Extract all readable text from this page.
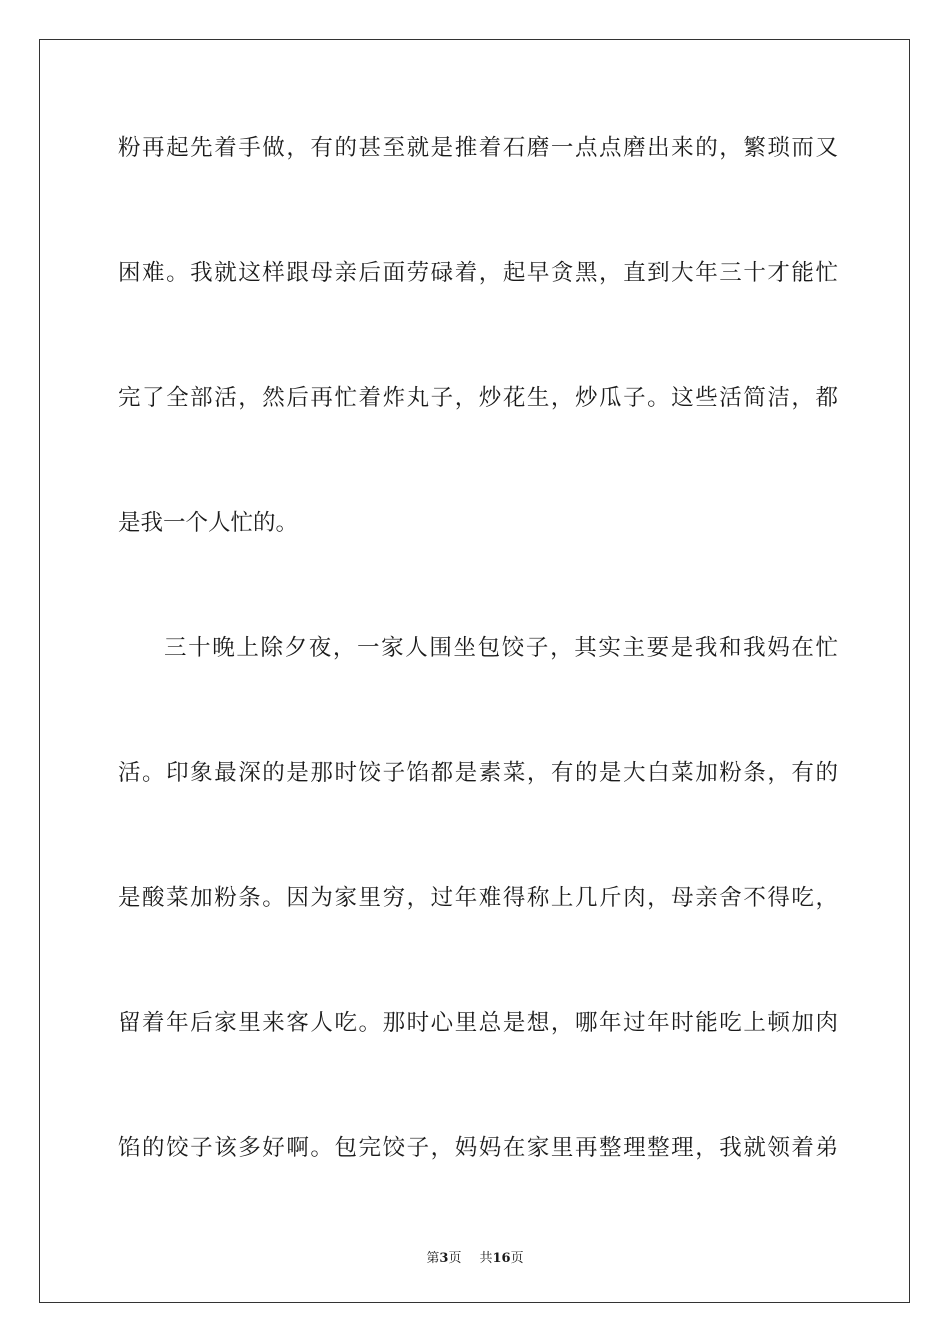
粉再起先着手做，有的甚至就是推着石磨一点点磨出来的，繁琐而又
困难。我就这样跟母亲后面劳碌着，起早贪黑，直到大年三十才能忙
完了全部活，然后再忙着炸丸子，炒花生，炒瓜子。这些活简洁，都
是我一个人忙的。
三十晚上除夕夜，一家人围坐包饺子，其实主要是我和我妈在忙
活。印象最深的是那时饺子馅都是素菜，有的是大白菜加粉条，有的
是酸菜加粉条。因为家里穷，过年难得称上几斤肉，母亲舍不得吃，
留着年后家里来客人吃。那时心里总是想，哪年过年时能吃上顿加肉
馅的饺子该多好啊。包完饺子，妈妈在家里再整理整理，我就领着弟
第3页 共16页
